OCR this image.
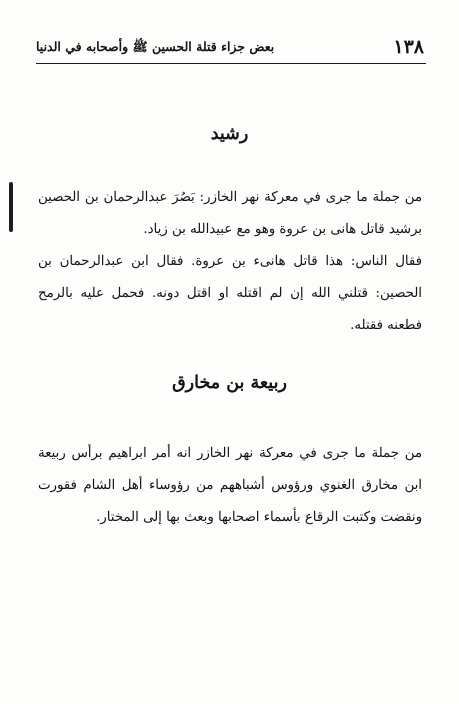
١٣٨
بعض جزاء قتلة الحسين ﷺ وأصحابه في الدنيا
رشيد

من جملة ما جرى في معركة نهر الخازر: بَصُرَ عبدالرحمان بن الحصين برشيد قاتل هانى بن عروة وهو مع عبيدالله بن زياد.

فقال الناس: هذا قاتل هانىء بن عروة. فقال ابن عبدالرحمان بن الحصين: قتلني الله إن لم اقتله او اقتل دونه. فحمل عليه بالرمح فطعنه فقتله.

ربيعة بن مخارق

من جملة ما جرى في معركة نهر الخازر انه أمر ابراهيم برأس ربيعة ابن مخارق الغنوي ورؤوس أشباههم من رؤوساء أهل الشام فقورت ونقضت وكتبت الرقاع بأسماء اصحابها وبعث بها إلى المختار.
